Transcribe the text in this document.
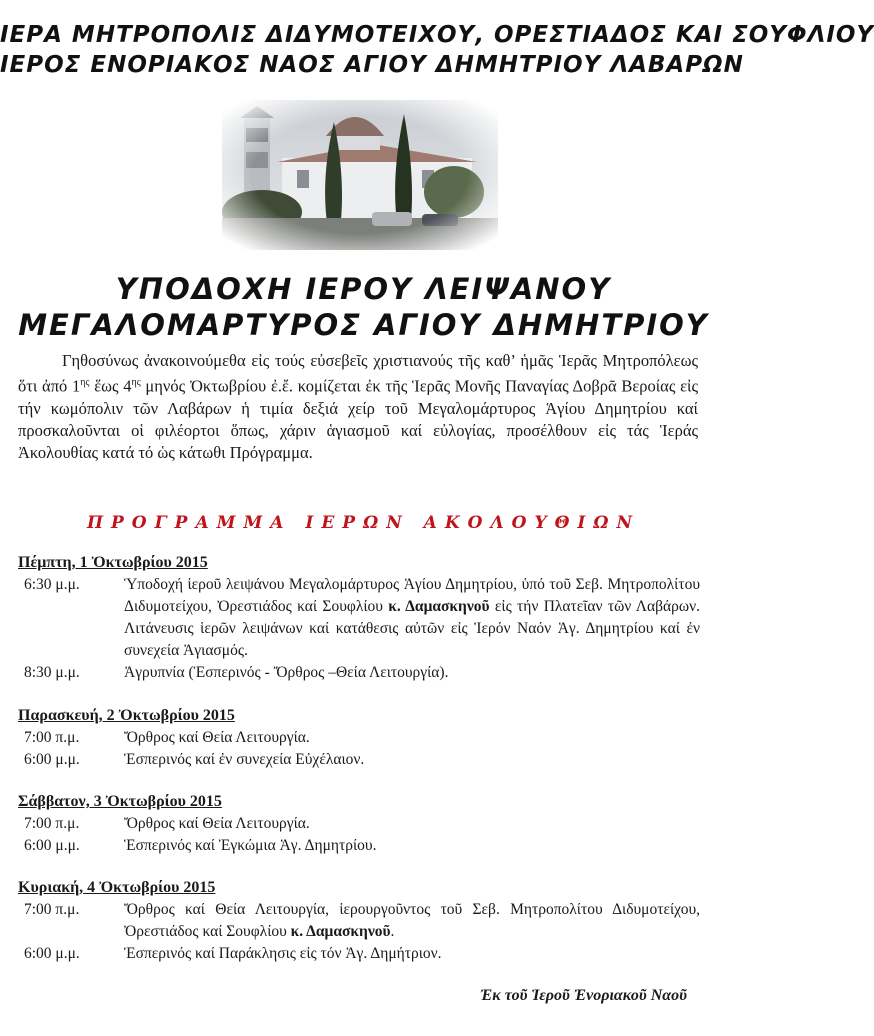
ΙΕΡΑ ΜΗΤΡΟΠΟΛΙΣ ΔΙΔΥΜΟΤΕΙΧΟΥ, ΟΡΕΣΤΙΑΔΟΣ ΚΑΙ ΣΟΥΦΛΙΟΥ
ΙΕΡΟΣ ΕΝΟΡΙΑΚΟΣ ΝΑΟΣ ΑΓΙΟΥ ΔΗΜΗΤΡΙΟΥ ΛΑΒΑΡΩΝ
ΥΠΟΔΟΧΗ ΙΕΡΟΥ ΛΕΙΨΑΝΟΥ
ΜΕΓΑΛΟΜΑΡΤΥΡΟΣ ΑΓΙΟΥ ΔΗΜΗΤΡΙΟΥ

Γηθοσύνως ἀνακοινούμεθα εἰς τούς εὐσεβεῖς χριστιανούς τῆς καθ’ ἡμᾶς Ἱερᾶς Μητροπόλεως ὅτι ἀπό $1^{\eta\varsigma}$ ἕως $4^{\eta\varsigma}$ μηνός Ὀκτωβρίου ἐ.ἔ. κομίζεται ἐκ τῆς Ἱερᾶς Μονῆς Παναγίας Δοβρᾶ Βεροίας εἰς τήν κωμόπολιν τῶν Λαβάρων ἡ τιμία δεξιά χείρ τοῦ Μεγαλομάρτυρος Ἁγίου Δημητρίου καί προσκαλοῦνται οἱ φιλέορτοι ὅπως, χάριν ἁγιασμοῦ καί εὐλογίας, προσέλθουν εἰς τάς Ἱεράς Ἀκολουθίας κατά τό ὡς κάτωθι Πρόγραμμα.

ΠΡΟΓΡΑΜΜΑ ΙΕΡΩΝ ΑΚΟΛΟΥΘΙΩΝ
Πέμπτη, 1 Ὀκτωβρίου 2015
6:30 μ.μ.	Ὑποδοχή ἱεροῦ λειψάνου Μεγαλομάρτυρος Ἁγίου Δημητρίου, ὑπό τοῦ Σεβ. Μητροπολίτου Διδυμοτείχου, Ὀρεστιάδος καί Σουφλίου κ. Δαμασκηνοῦ εἰς τήν Πλατεῖαν τῶν Λαβάρων. Λιτάνευσις ἱερῶν λειψάνων καί κατάθεσις αὐτῶν εἰς Ἱερόν Ναόν Ἁγ. Δημητρίου καί ἐν συνεχεία Ἁγιασμός.
8:30 μ.μ.	Ἀγρυπνία (Ἑσπερινός - Ὄρθρος –Θεία Λειτουργία).
Παρασκευή, 2 Ὀκτωβρίου 2015
7:00 π.μ.	Ὄρθρος καί Θεία Λειτουργία.
6:00 μ.μ.	Ἑσπερινός καί ἐν συνεχεία Εὐχέλαιον.
Σάββατον, 3 Ὀκτωβρίου 2015
7:00 π.μ.	Ὄρθρος καί Θεία Λειτουργία.
6:00 μ.μ.	Ἑσπερινός καί Ἐγκώμια Ἁγ. Δημητρίου.
Κυριακή, 4 Ὀκτωβρίου 2015
7:00 π.μ.	Ὄρθρος καί Θεία Λειτουργία, ἱερουργοῦντος τοῦ Σεβ. Μητροπολίτου Διδυμοτείχου, Ὀρεστιάδος καί Σουφλίου κ. Δαμασκηνοῦ.
6:00 μ.μ.	Ἑσπερινός καί Παράκλησις εἰς τόν Ἁγ. Δημήτριον.
Ἐκ τοῦ Ἱεροῦ Ἐνοριακοῦ Ναοῦ
